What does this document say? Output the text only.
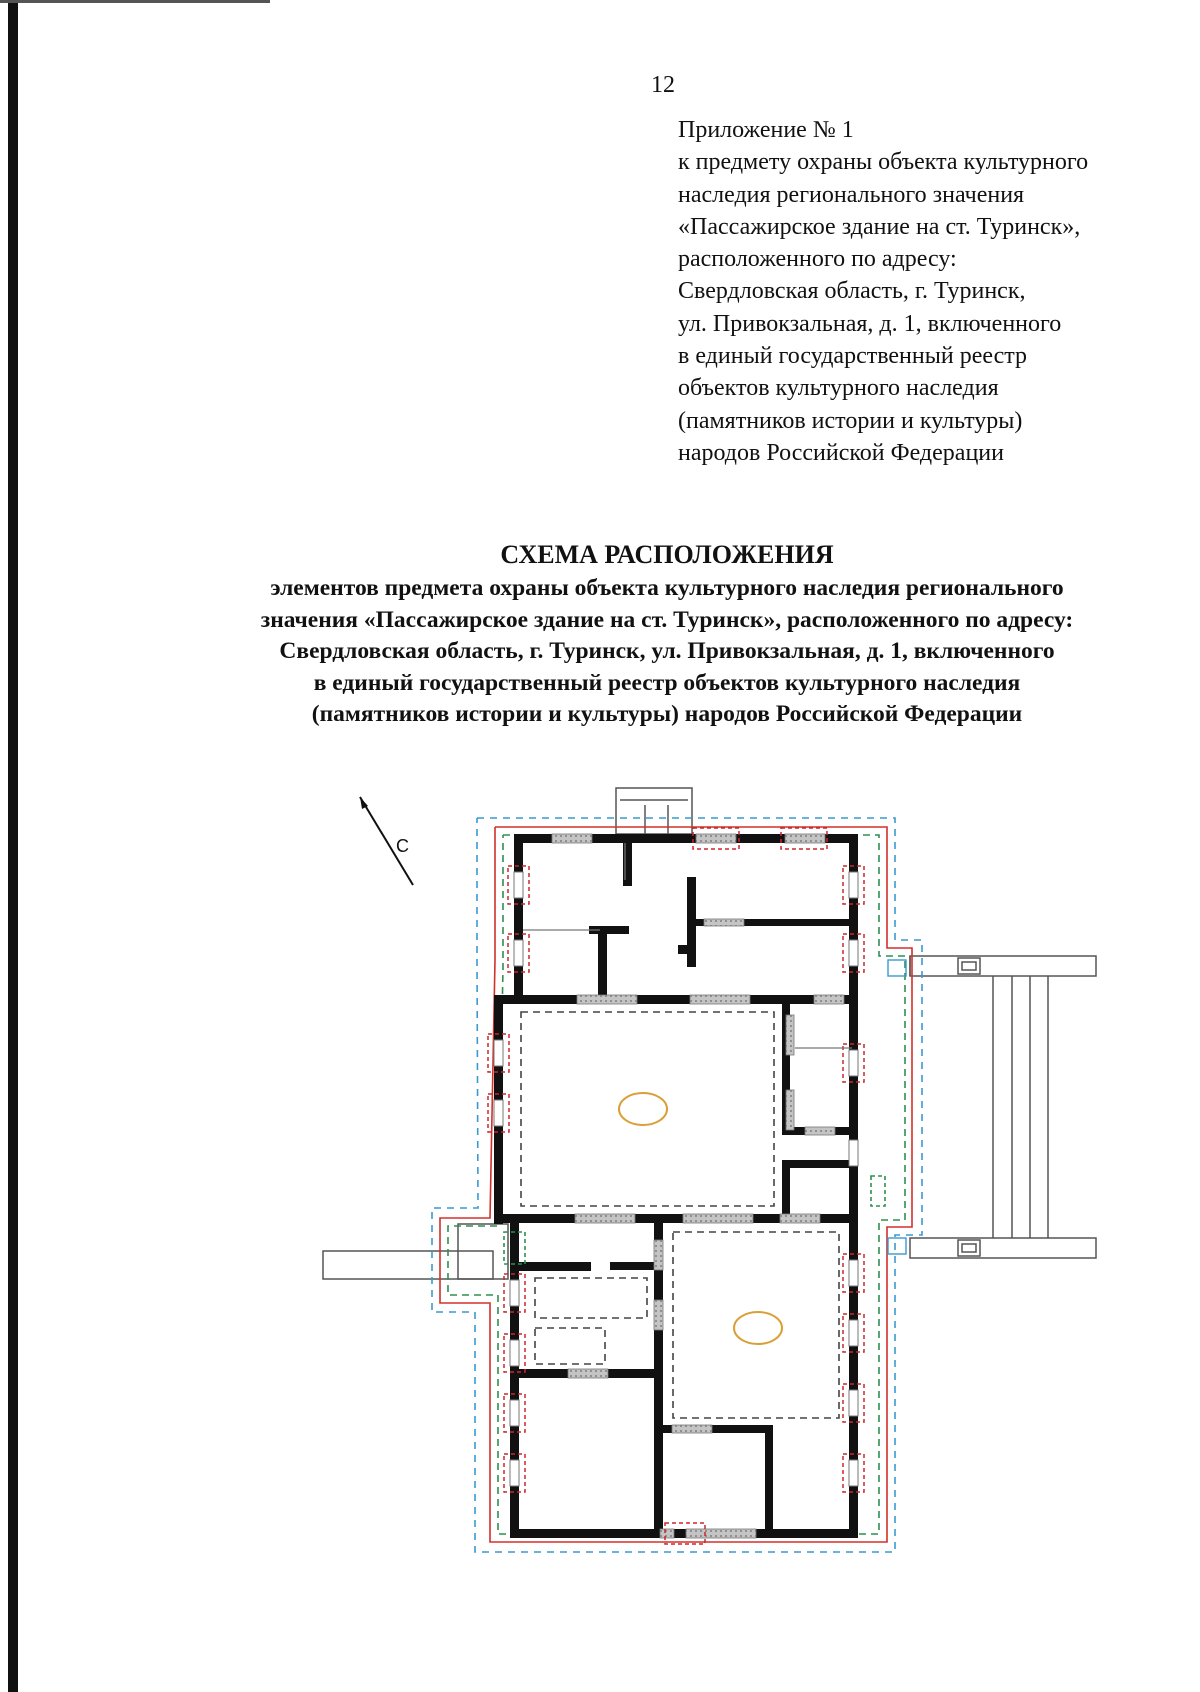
12
Приложение № 1
к предмету охраны объекта культурного
наследия регионального значения
«Пассажирское здание на ст. Туринск»,
расположенного по адресу:
Свердловская область, г. Туринск,
ул. Привокзальная, д. 1, включенного
в единый государственный реестр
объектов культурного наследия
(памятников истории и культуры)
народов Российской Федерации
СХЕМА РАСПОЛОЖЕНИЯ
элементов предмета охраны объекта культурного наследия регионального
значения «Пассажирское здание на ст. Туринск», расположенного по адресу:
Свердловская область, г. Туринск, ул. Привокзальная, д. 1, включенного
в единый государственный реестр объектов культурного наследия
(памятников истории и культуры) народов Российской Федерации
С
